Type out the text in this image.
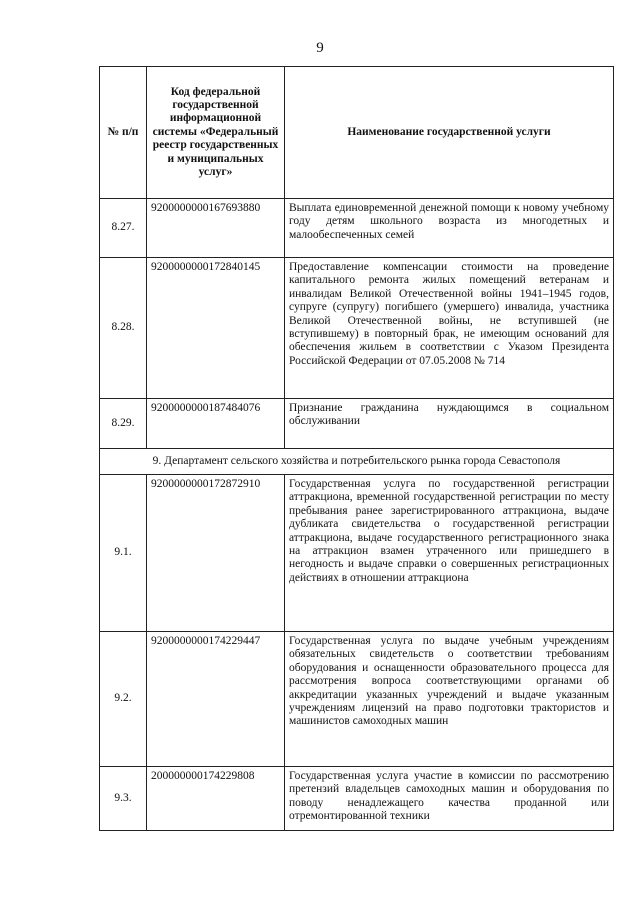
9
№ п/п	Код федеральной государственной информационной системы «Федеральный реестр государственных и муниципальных услуг»	Наименование государственной услуги
8.27.	9200000000167693880	Выплата единовременной денежной помощи к новому учебному году детям школьного возраста из многодетных и малообеспеченных семей
8.28.	9200000000172840145	Предоставление компенсации стоимости на проведение капитального ремонта жилых помещений ветеранам и инвалидам Великой Отечественной войны 1941–1945 годов, супруге (супругу) погибшего (умершего) инвалида, участника Великой Отечественной войны, не вступившей (не вступившему) в повторный брак, не имеющим оснований для обеспечения жильем в соответствии с Указом Президента Российской Федерации от 07.05.2008 № 714
8.29.	9200000000187484076	Признание гражданина нуждающимся в социальном обслуживании
9. Департамент сельского хозяйства и потребительского рынка города Севастополя		
9.1.	9200000000172872910	Государственная услуга по государственной регистрации аттракциона, временной государственной регистрации по месту пребывания ранее зарегистрированного аттракциона, выдаче дубликата свидетельства о государственной регистрации аттракциона, выдаче государственного регистрационного знака на аттракцион взамен утраченного или пришедшего в негодность и выдаче справки о совершенных регистрационных действиях в отношении аттракциона
9.2.	9200000000174229447	Государственная услуга по выдаче учебным учреждениям обязательных свидетельств о соответствии требованиям оборудования и оснащенности образовательного процесса для рассмотрения вопроса соответствующими органами об аккредитации указанных учреждений и выдаче указанным учреждениям лицензий на право подготовки трактористов и машинистов самоходных машин
9.3.	200000000174229808	Государственная услуга участие в комиссии по рассмотрению претензий владельцев самоходных машин и оборудования по поводу ненадлежащего качества проданной или отремонтированной техники
